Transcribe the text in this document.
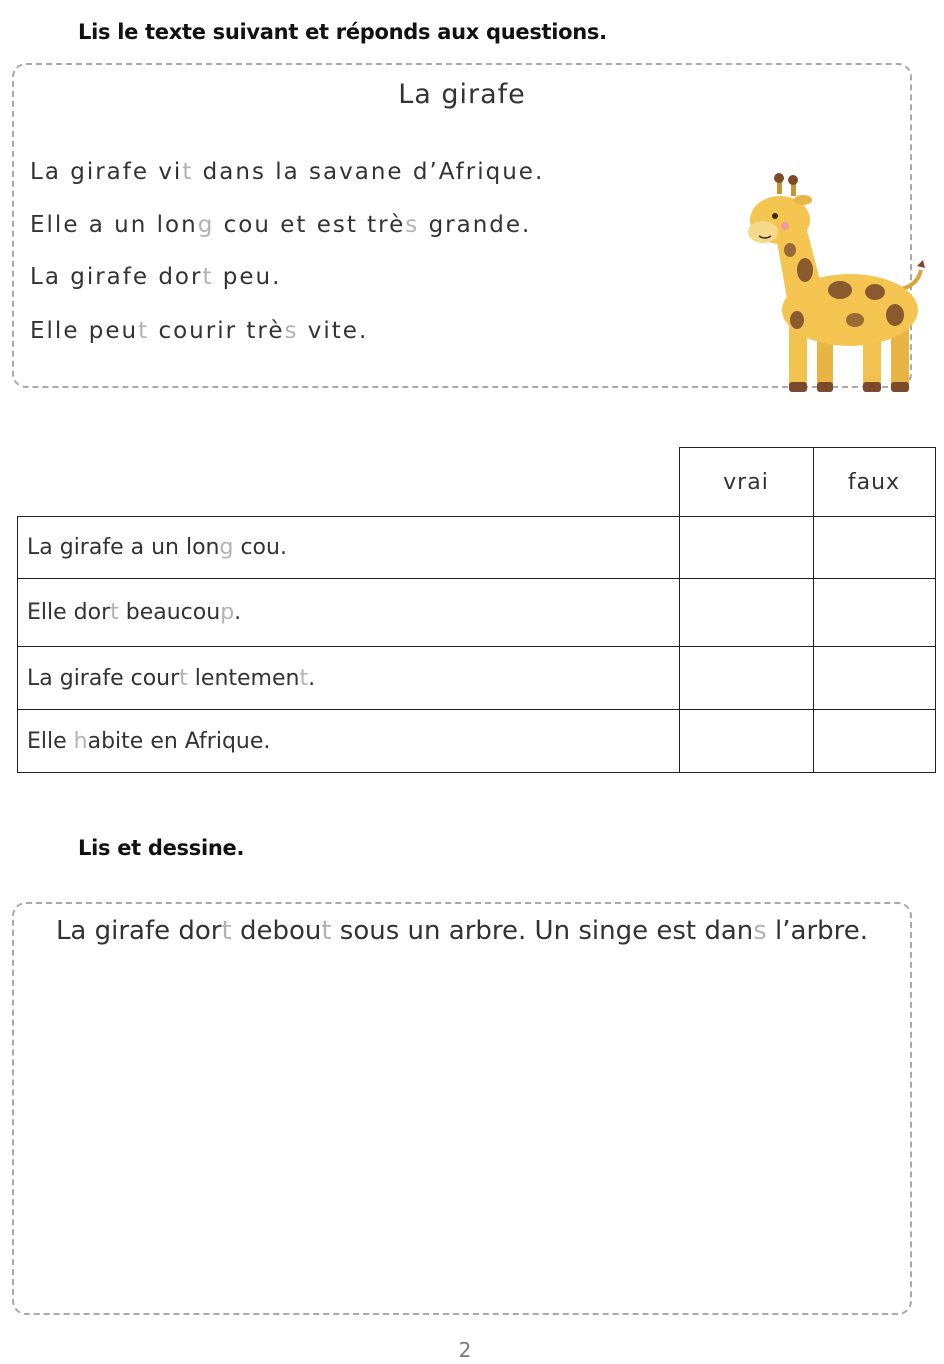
Lis le texte suivant et réponds aux questions.
La girafe
La girafe vit dans la savane d’Afrique.
Elle a un long cou et est très grande.
La girafe dort peu.
Elle peut courir très vite.
	vrai	faux
La girafe a un long cou.		
Elle dort beaucoup.		
La girafe court lentement.		
Elle habite en Afrique.		
Lis et dessine.
La girafe dort debout sous un arbre. Un singe est dans l’arbre.
2
